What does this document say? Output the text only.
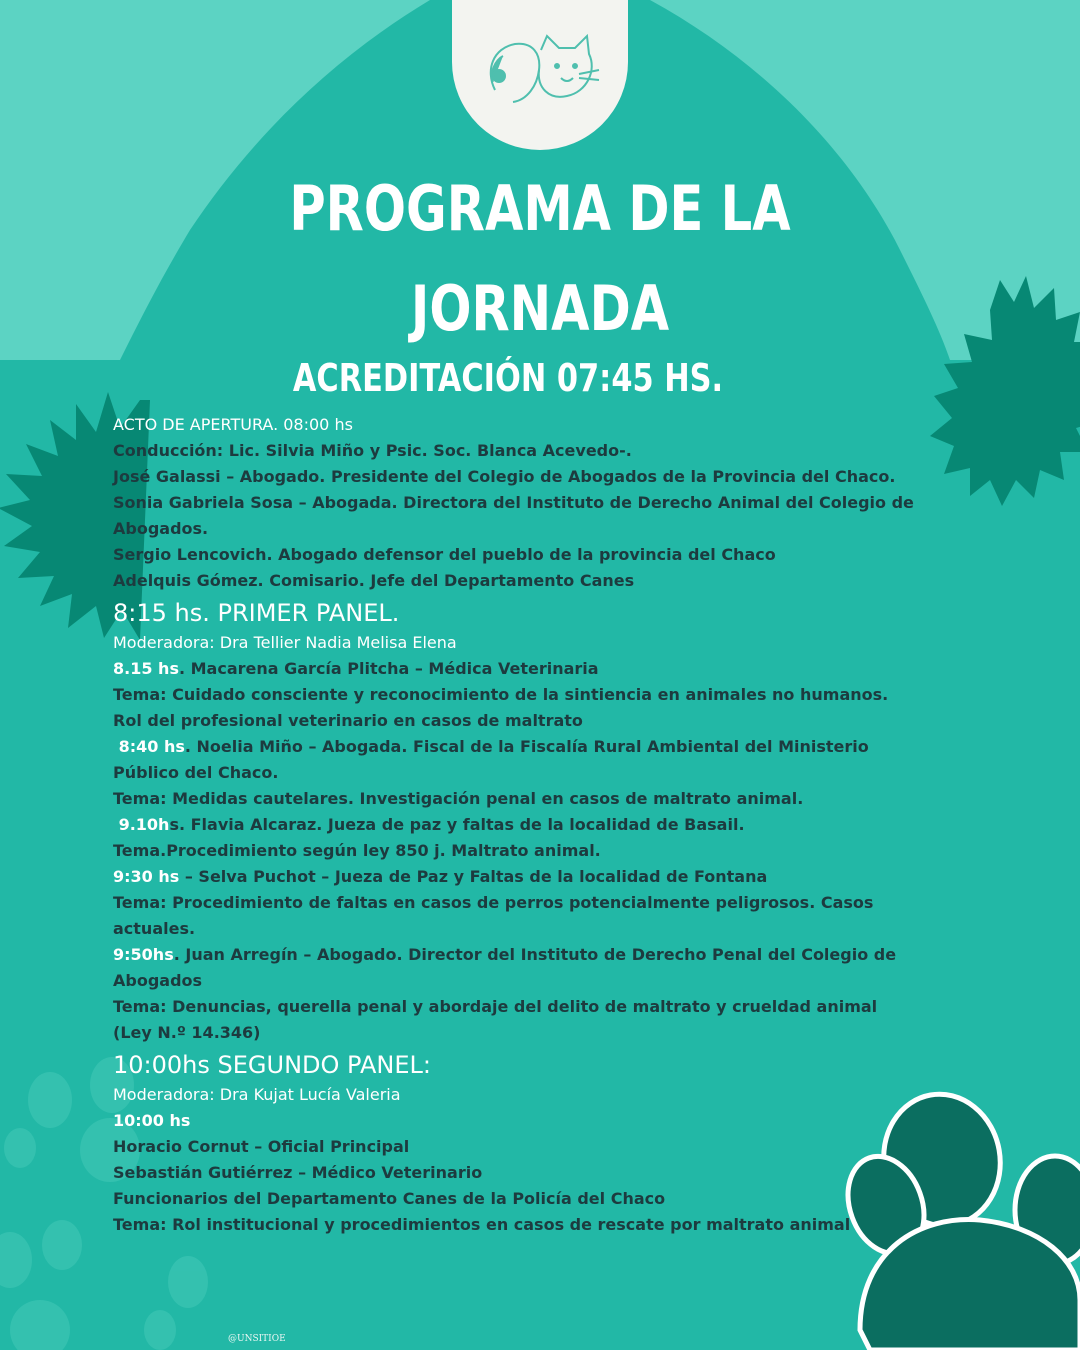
PROGRAMA DE LA
JORNADA
ACREDITACIÓN 07:45 HS.
ACTO DE APERTURA. 08:00 hs
Conducción: Lic. Silvia Miño y Psic. Soc. Blanca Acevedo-.
José Galassi – Abogado. Presidente del Colegio de Abogados de la Provincia del Chaco.
Sonia Gabriela Sosa – Abogada. Directora del Instituto de Derecho Animal del Colegio de
Abogados.
Sergio Lencovich. Abogado defensor del pueblo de la provincia del Chaco
Adelquis Gómez. Comisario. Jefe del Departamento Canes
8:15 hs. PRIMER PANEL.
Moderadora: Dra Tellier Nadia Melisa Elena
8.15 hs. Macarena García Plitcha – Médica Veterinaria
Tema: Cuidado consciente y reconocimiento de la sintiencia en animales no humanos.
Rol del profesional veterinario en casos de maltrato
8:40 hs. Noelia Miño – Abogada. Fiscal de la Fiscalía Rural Ambiental del Ministerio
Público del Chaco.
Tema: Medidas cautelares. Investigación penal en casos de maltrato animal.
9.10hs. Flavia Alcaraz. Jueza de paz y faltas de la localidad de Basail.
Tema.Procedimiento según ley 850 j. Maltrato animal.
9:30 hs – Selva Puchot – Jueza de Paz y Faltas de la localidad de Fontana
Tema: Procedimiento de faltas en casos de perros potencialmente peligrosos. Casos
actuales.
9:50hs. Juan Arregín – Abogado. Director del Instituto de Derecho Penal del Colegio de
Abogados
Tema: Denuncias, querella penal y abordaje del delito de maltrato y crueldad animal
(Ley N.º 14.346)
10:00hs SEGUNDO PANEL:
Moderadora: Dra Kujat Lucía Valeria
10:00 hs
Horacio Cornut – Oficial Principal
Sebastián Gutiérrez – Médico Veterinario
Funcionarios del Departamento Canes de la Policía del Chaco
Tema: Rol institucional y procedimientos en casos de rescate por maltrato animal
@UNSITIOE
